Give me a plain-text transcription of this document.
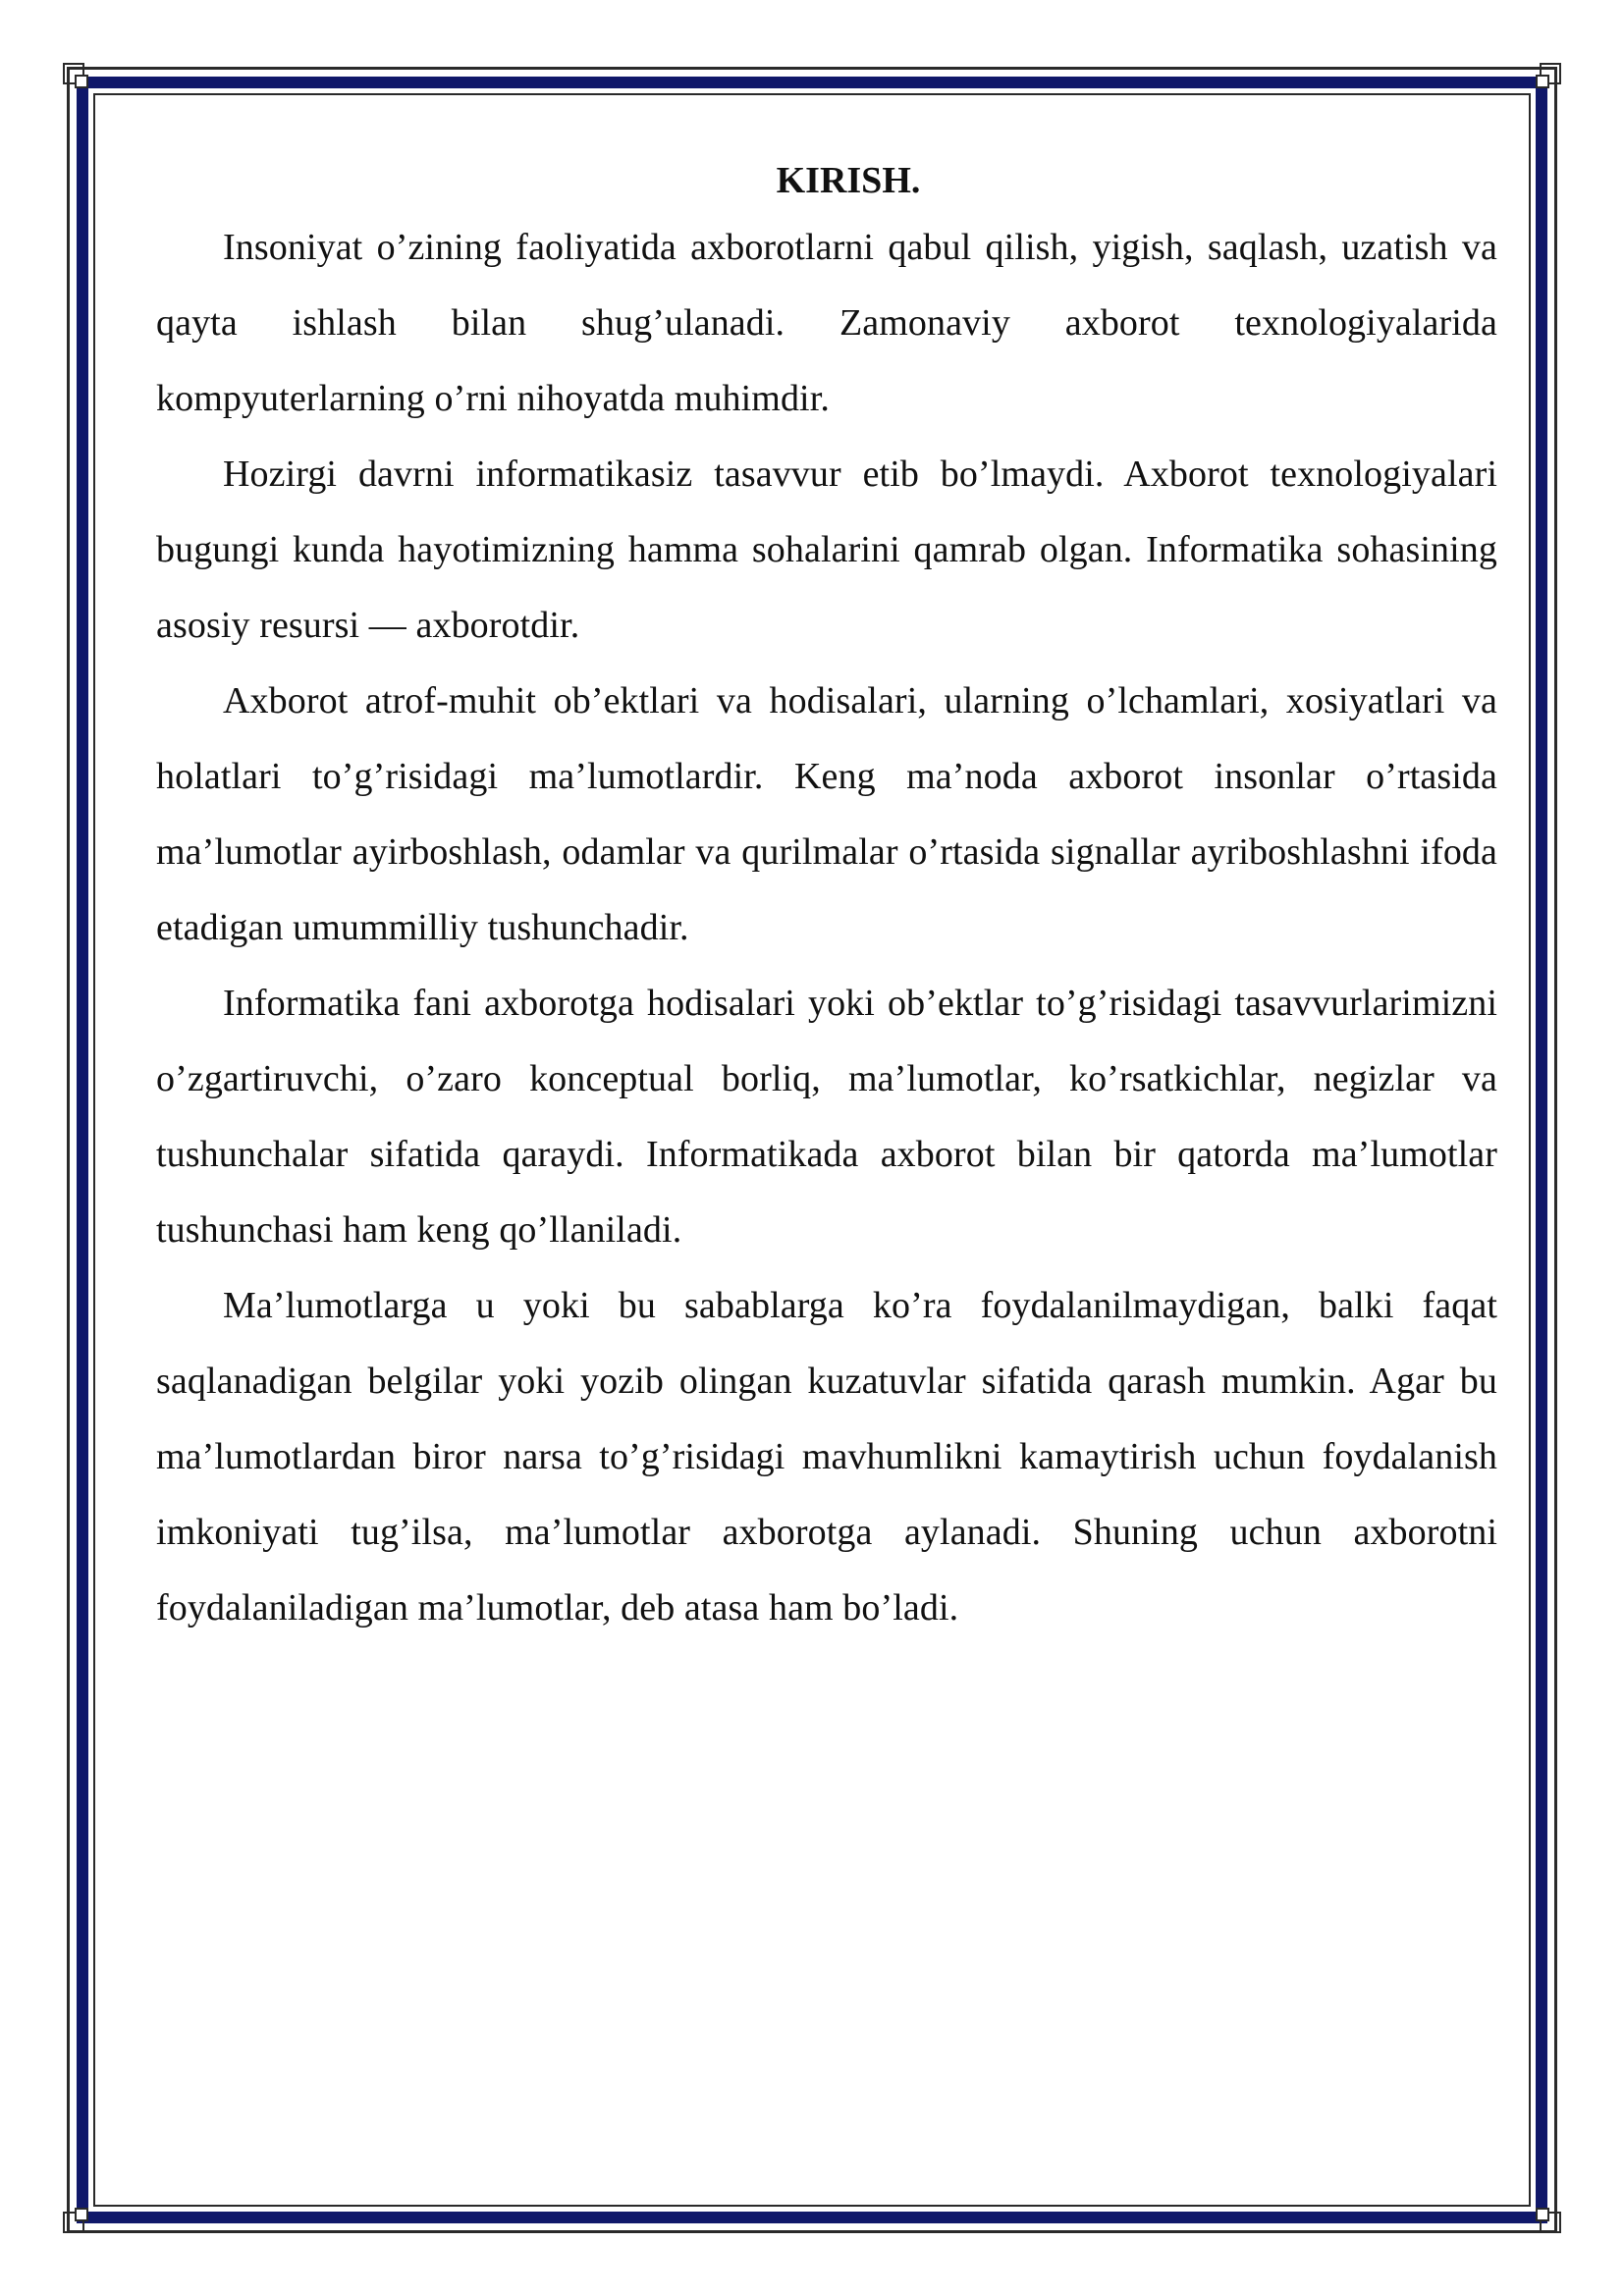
KIRISH.

Insoniyat o’zining faoliyatida axborotlarni qabul qilish, yigish, saqlash, uzatish va qayta ishlash bilan shug’ulanadi. Zamonaviy axborot texnologiyalarida kompyuterlarning o’rni nihoyatda muhimdir.

Hozirgi davrni informatikasiz tasavvur etib bo’lmaydi. Axborot texnologiyalari bugungi kunda hayotimizning hamma sohalarini qamrab olgan. Informatika sohasining asosiy resursi — axborotdir.

Axborot atrof-muhit ob’ektlari va hodisalari, ularning o’lchamlari, xosiyatlari va holatlari to’g’risidagi ma’lumotlardir. Keng ma’noda axborot insonlar o’rtasida ma’lumotlar ayirboshlash, odamlar va qurilmalar o’rtasida signallar ayriboshlashni ifoda etadigan umummilliy tushunchadir.

Informatika fani axborotga hodisalari yoki ob’ektlar to’g’risidagi tasavvurlarimizni o’zgartiruvchi, o’zaro konceptual borliq, ma’lumotlar, ko’rsatkichlar, negizlar va tushunchalar sifatida qaraydi. Informatikada axborot bilan bir qatorda ma’lumotlar tushunchasi ham keng qo’llaniladi.

Ma’lumotlarga u yoki bu sabablarga ko’ra foydalanilmaydigan, balki faqat saqlanadigan belgilar yoki yozib olingan kuzatuvlar sifatida qarash mumkin. Agar bu ma’lumotlardan biror narsa to’g’risidagi mavhumlikni kamaytirish uchun foydalanish imkoniyati tug’ilsa, ma’lumotlar axborotga aylanadi. Shuning uchun axborotni foydalaniladigan ma’lumotlar, deb atasa ham bo’ladi.
